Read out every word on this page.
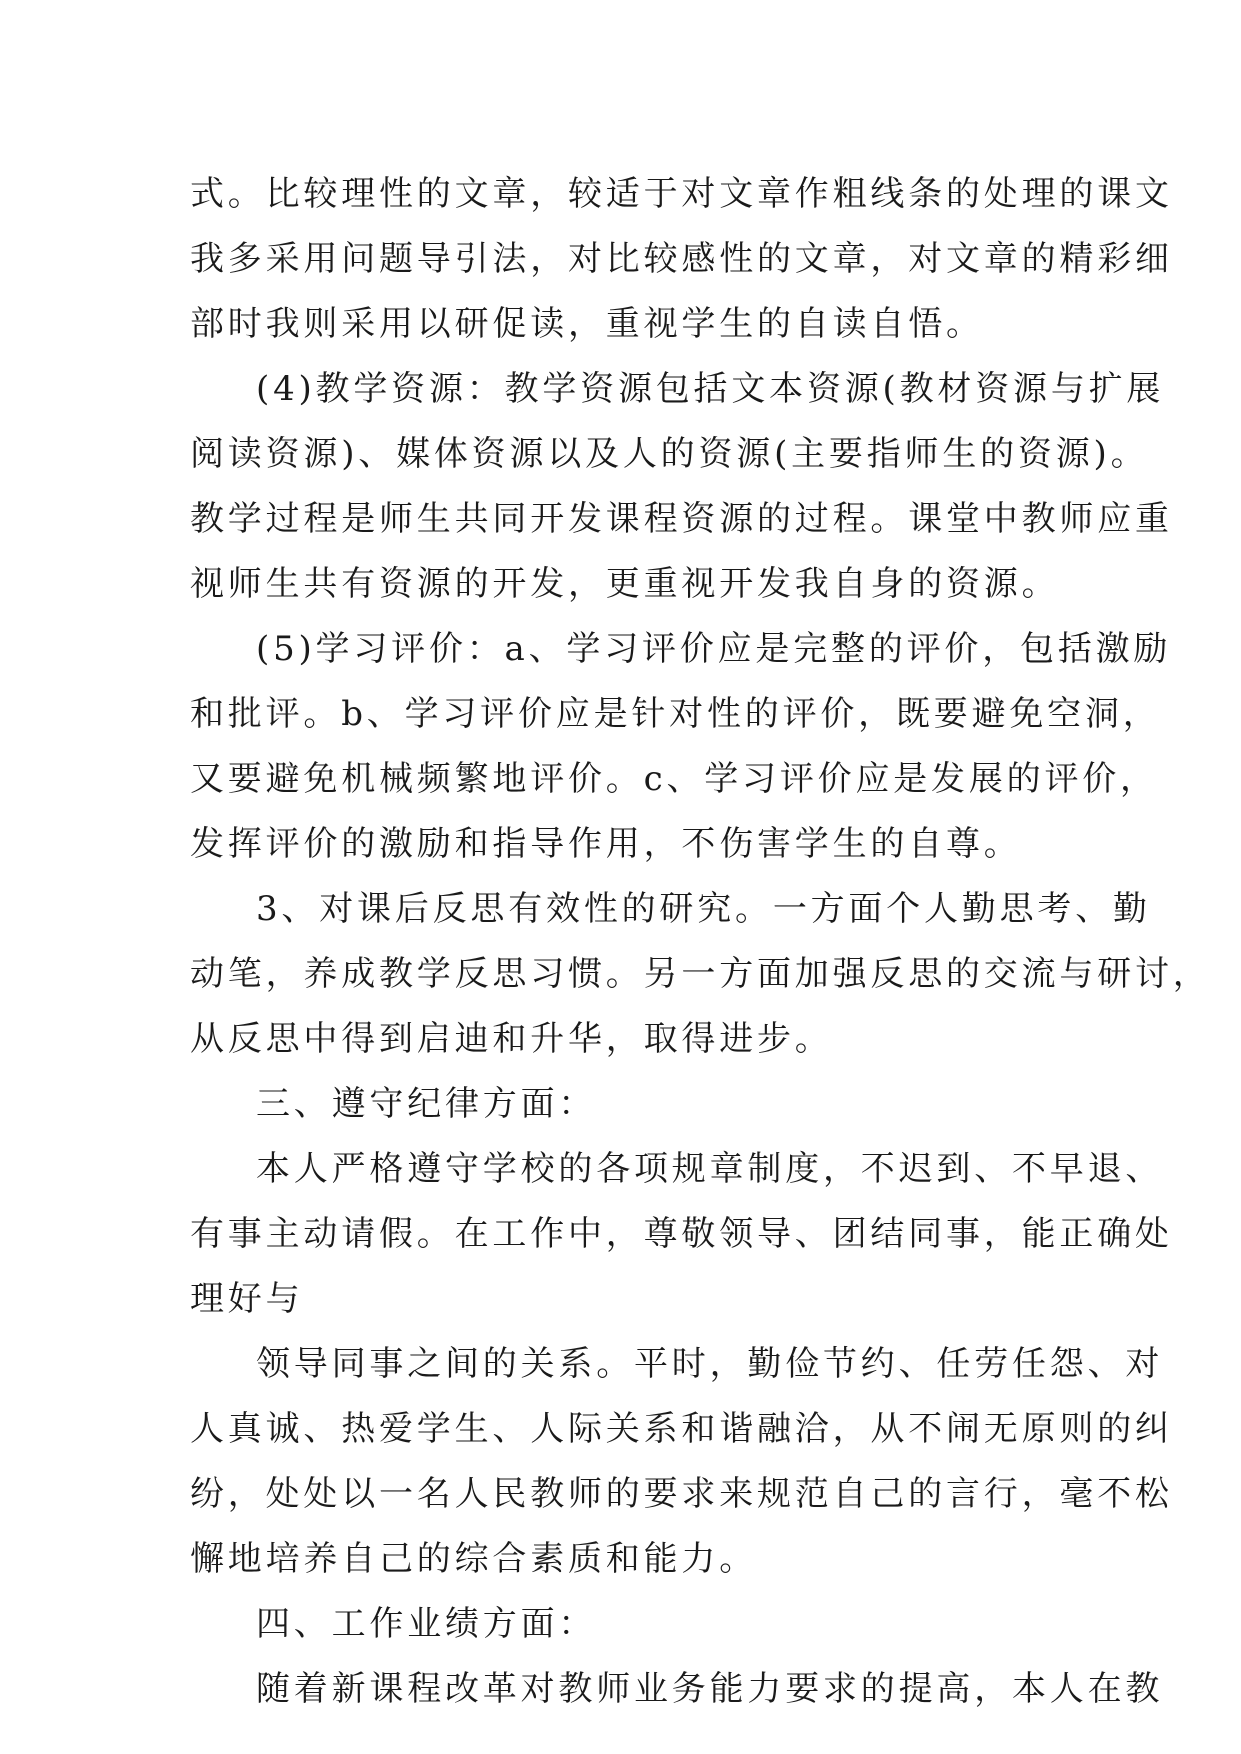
式。比较理性的文章，较适于对文章作粗线条的处理的课文
我多采用问题导引法，对比较感性的文章，对文章的精彩细
部时我则采用以研促读，重视学生的自读自悟。
(4)教学资源：教学资源包括文本资源(教材资源与扩展
阅读资源)、媒体资源以及人的资源(主要指师生的资源)。
教学过程是师生共同开发课程资源的过程。课堂中教师应重
视师生共有资源的开发，更重视开发我自身的资源。
(5)学习评价：a、学习评价应是完整的评价，包括激励
和批评。b、学习评价应是针对性的评价，既要避免空洞，
又要避免机械频繁地评价。c、学习评价应是发展的评价，
发挥评价的激励和指导作用，不伤害学生的自尊。
3、对课后反思有效性的研究。一方面个人勤思考、勤
动笔，养成教学反思习惯。另一方面加强反思的交流与研讨，
从反思中得到启迪和升华，取得进步。
三、遵守纪律方面：
本人严格遵守学校的各项规章制度，不迟到、不早退、
有事主动请假。在工作中，尊敬领导、团结同事，能正确处
理好与
领导同事之间的关系。平时，勤俭节约、任劳任怨、对
人真诚、热爱学生、人际关系和谐融洽，从不闹无原则的纠
纷，处处以一名人民教师的要求来规范自己的言行，毫不松
懈地培养自己的综合素质和能力。
四、工作业绩方面：
随着新课程改革对教师业务能力要求的提高，本人在教
